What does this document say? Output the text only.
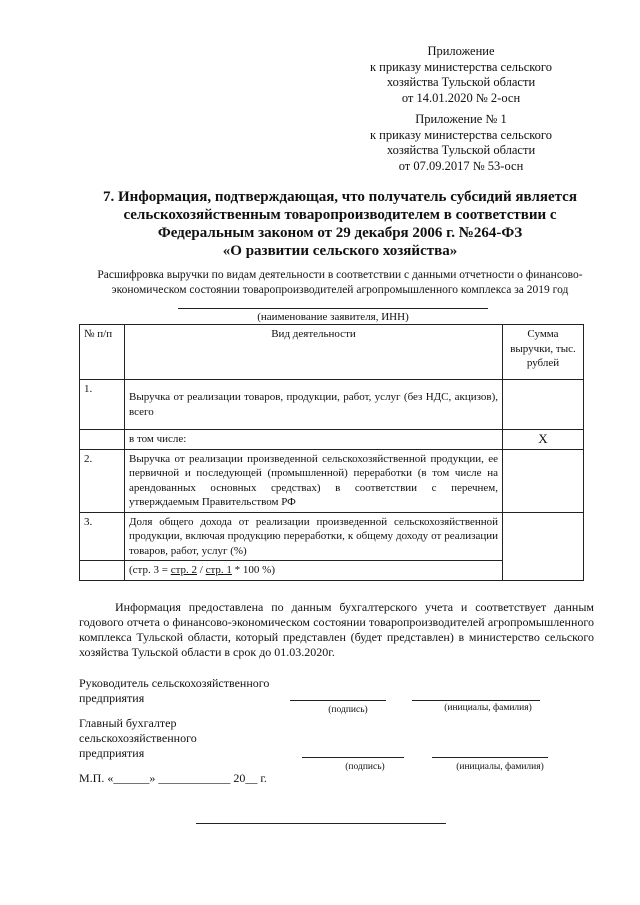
Приложение
к приказу министерства сельского
хозяйства Тульской области
от 14.01.2020 № 2-осн
Приложение № 1
к приказу министерства сельского
хозяйства Тульской области
от 07.09.2017 № 53-осн
7. Информация, подтверждающая, что получатель субсидий является
сельскохозяйственным товаропроизводителем в соответствии с
Федеральным законом от 29 декабря 2006 г. №264-ФЗ
«О развитии сельского хозяйства»
Расшифровка выручки по видам деятельности в соответствии с данными отчетности о финансово-
экономическом состоянии товаропроизводителей агропромышленного комплекса за 2019 год
(наименование заявителя, ИНН)
№ п/п	Вид деятельности	Сумма выручки, тыс. рублей
1.	Выручка от реализации товаров, продукции, работ, услуг (без НДС, акцизов), всего	
	в том числе:	Х
2.	Выручка от реализации произведенной сельскохозяйственной продукции, ее первичной и последующей (промышленной) переработки (в том числе на арендованных основных средствах) в соответствии с перечнем, утверждаемым Правительством РФ	
3.	Доля общего дохода от реализации произведенной сельскохозяйственной продукции, включая продукцию переработки, к общему доходу от реализации товаров, работ, услуг (%)	
	(стр. 3 = стр. 2 / стр. 1 * 100 %)	

Информация предоставлена по данным бухгалтерского учета и соответствует данным годового отчета о финансово-экономическом состоянии товаропроизводителей агропромышленного комплекса Тульской области, который представлен (будет представлен) в министерство сельского хозяйства Тульской области в срок до 01.03.2020г.

Руководитель сельскохозяйственного
предприятия
(подпись)	(инициалы, фамилия)
Главный бухгалтер
сельскохозяйственного
предприятия
(подпись)	(инициалы, фамилия)
М.П. «______» ____________ 20__ г.
